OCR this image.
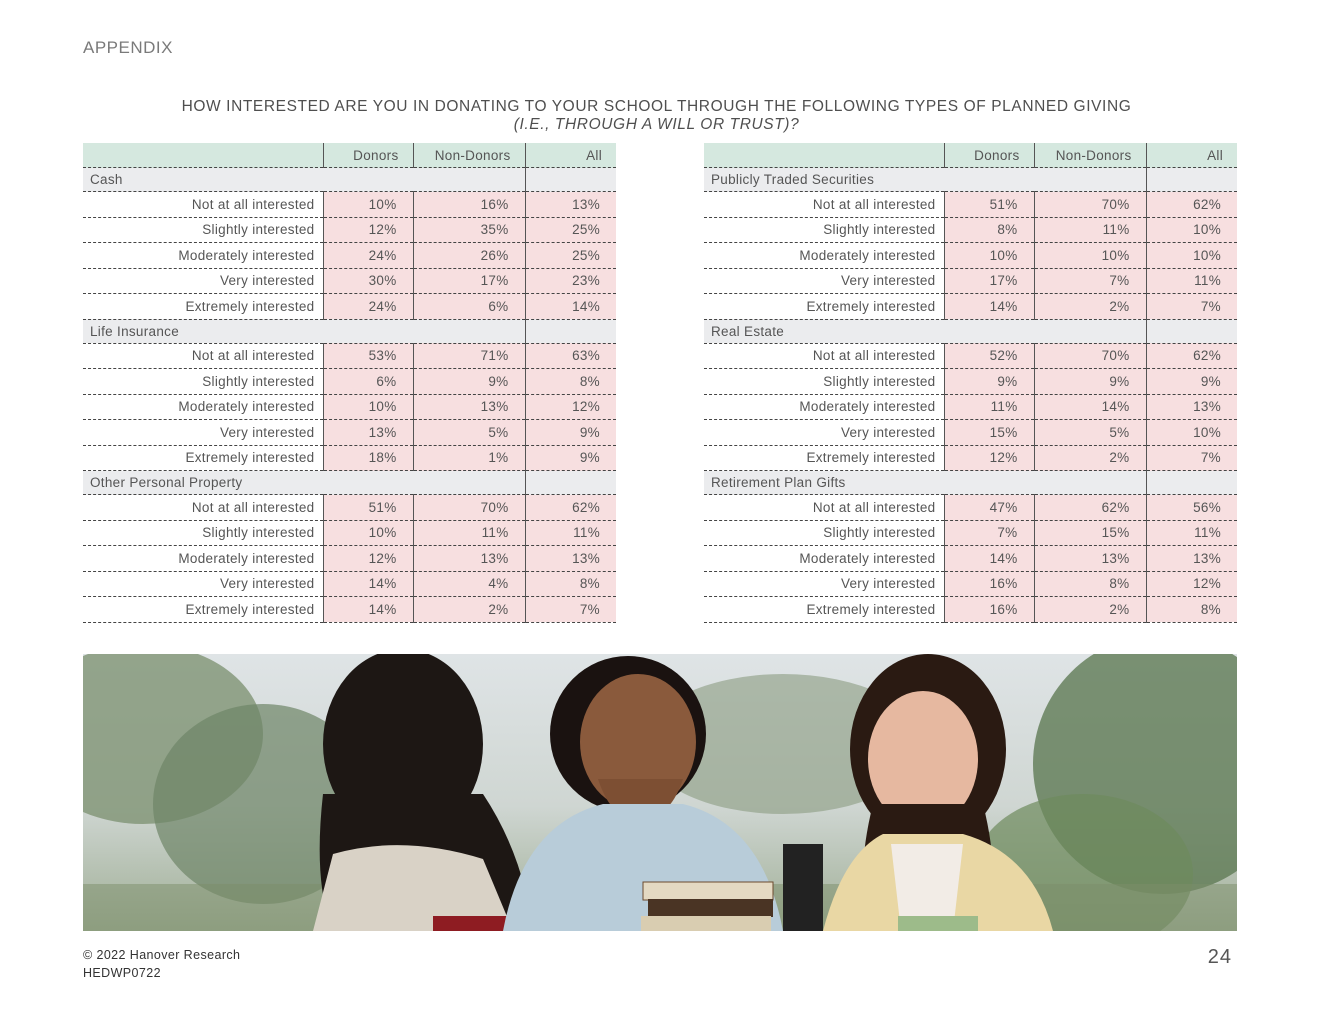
APPENDIX
HOW INTERESTED ARE YOU IN DONATING TO YOUR SCHOOL THROUGH THE FOLLOWING TYPES OF PLANNED GIVING
(I.E., THROUGH A WILL OR TRUST)?
	Donors	Non-Donors	All
Cash			
Not at all interested	10%	16%	13%
Slightly interested	12%	35%	25%
Moderately interested	24%	26%	25%
Very interested	30%	17%	23%
Extremely interested	24%	6%	14%
Life Insurance			
Not at all interested	53%	71%	63%
Slightly interested	6%	9%	8%
Moderately interested	10%	13%	12%
Very interested	13%	5%	9%
Extremely interested	18%	1%	9%
Other Personal Property			
Not at all interested	51%	70%	62%
Slightly interested	10%	11%	11%
Moderately interested	12%	13%	13%
Very interested	14%	4%	8%
Extremely interested	14%	2%	7%
	Donors	Non-Donors	All
Publicly Traded Securities			
Not at all interested	51%	70%	62%
Slightly interested	8%	11%	10%
Moderately interested	10%	10%	10%
Very interested	17%	7%	11%
Extremely interested	14%	2%	7%
Real Estate			
Not at all interested	52%	70%	62%
Slightly interested	9%	9%	9%
Moderately interested	11%	14%	13%
Very interested	15%	5%	10%
Extremely interested	12%	2%	7%
Retirement Plan Gifts			
Not at all interested	47%	62%	56%
Slightly interested	7%	15%	11%
Moderately interested	14%	13%	13%
Very interested	16%	8%	12%
Extremely interested	16%	2%	8%
© 2022 Hanover Research
HEDWP0722
24
